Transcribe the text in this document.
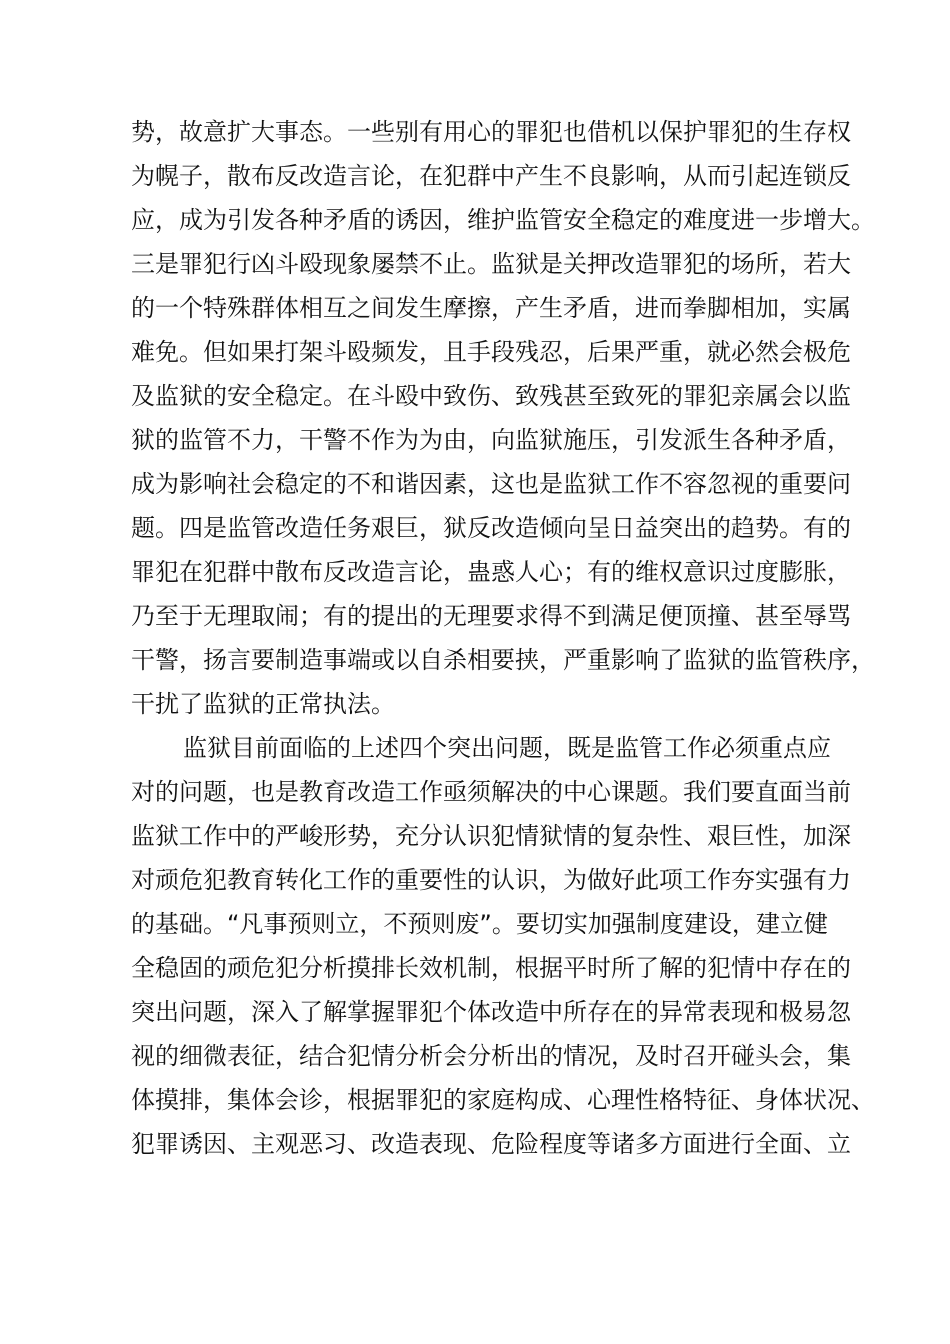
势，故意扩大事态。一些别有用心的罪犯也借机以保护罪犯的生存权
为幌子，散布反改造言论，在犯群中产生不良影响，从而引起连锁反
应，成为引发各种矛盾的诱因，维护监管安全稳定的难度进一步增大。
三是罪犯行凶斗殴现象屡禁不止。监狱是关押改造罪犯的场所，若大
的一个特殊群体相互之间发生摩擦，产生矛盾，进而拳脚相加，实属
难免。但如果打架斗殴频发，且手段残忍，后果严重，就必然会极危
及监狱的安全稳定。在斗殴中致伤、致残甚至致死的罪犯亲属会以监
狱的监管不力，干警不作为为由，向监狱施压，引发派生各种矛盾，
成为影响社会稳定的不和谐因素，这也是监狱工作不容忽视的重要问
题。四是监管改造任务艰巨，狱反改造倾向呈日益突出的趋势。有的
罪犯在犯群中散布反改造言论，蛊惑人心；有的维权意识过度膨胀，
乃至于无理取闹；有的提出的无理要求得不到满足便顶撞、甚至辱骂
干警，扬言要制造事端或以自杀相要挟，严重影响了监狱的监管秩序，
干扰了监狱的正常执法。
监狱目前面临的上述四个突出问题，既是监管工作必须重点应
对的问题，也是教育改造工作亟须解决的中心课题。我们要直面当前
监狱工作中的严峻形势，充分认识犯情狱情的复杂性、艰巨性，加深
对顽危犯教育转化工作的重要性的认识，为做好此项工作夯实强有力
的基础。“凡事预则立，不预则废”。要切实加强制度建设，建立健
全稳固的顽危犯分析摸排长效机制，根据平时所了解的犯情中存在的
突出问题，深入了解掌握罪犯个体改造中所存在的异常表现和极易忽
视的细微表征，结合犯情分析会分析出的情况，及时召开碰头会，集
体摸排，集体会诊，根据罪犯的家庭构成、心理性格特征、身体状况、
犯罪诱因、主观恶习、改造表现、危险程度等诸多方面进行全面、立
